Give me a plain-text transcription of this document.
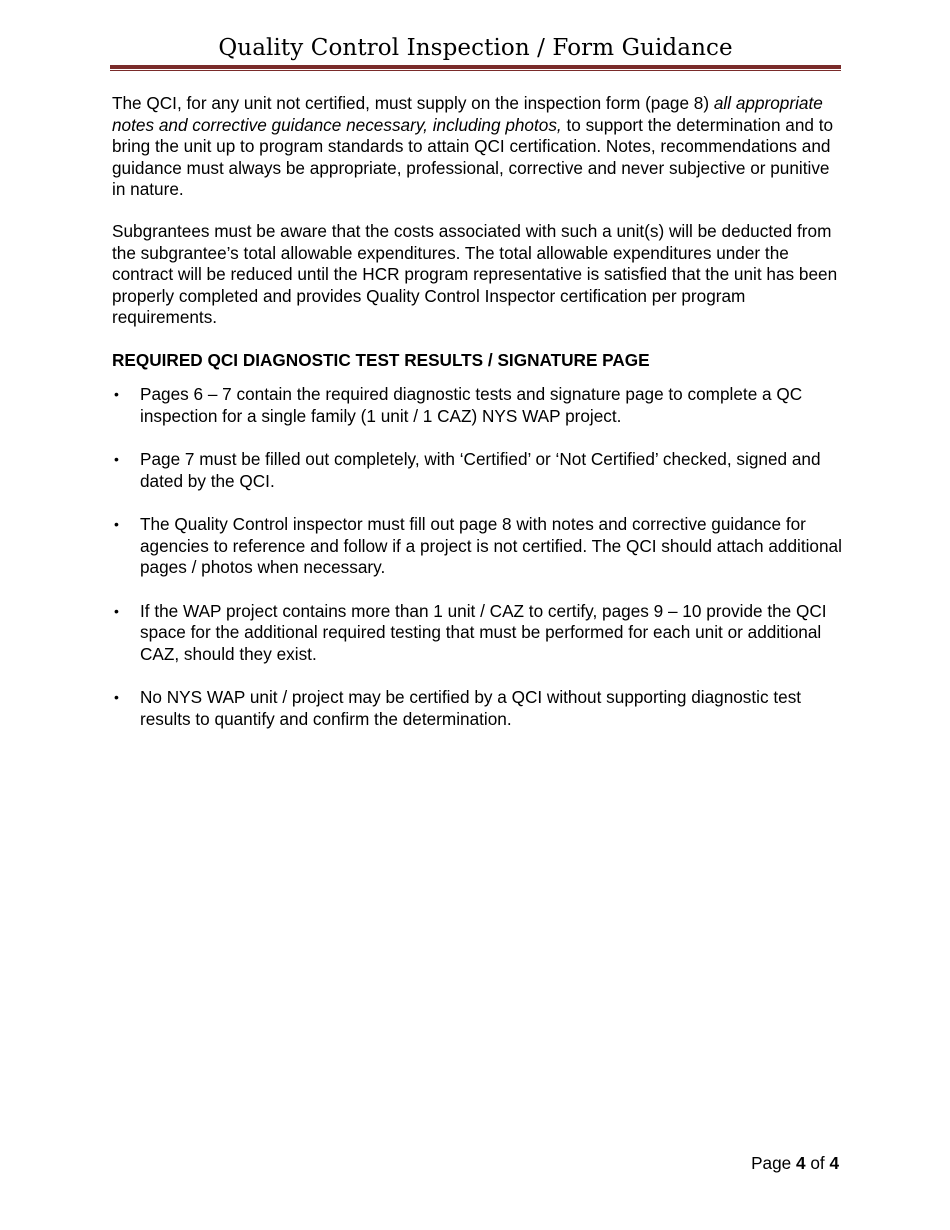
Quality Control Inspection / Form Guidance

The QCI, for any unit not certified, must supply on the inspection form (page 8) all appropriate notes and corrective guidance necessary, including photos, to support the determination and to bring the unit up to program standards to attain QCI certification. Notes, recommendations and guidance must always be appropriate, professional, corrective and never subjective or punitive in nature.

Subgrantees must be aware that the costs associated with such a unit(s) will be deducted from the subgrantee’s total allowable expenditures. The total allowable expenditures under the contract will be reduced until the HCR program representative is satisfied that the unit has been properly completed and provides Quality Control Inspector certification per program requirements.

REQUIRED QCI DIAGNOSTIC TEST RESULTS / SIGNATURE PAGE
• Pages 6 – 7 contain the required diagnostic tests and signature page to complete a QC inspection for a single family (1 unit / 1 CAZ) NYS WAP project.
• Page 7 must be filled out completely, with ‘Certified’ or ‘Not Certified’ checked, signed and dated by the QCI.
• The Quality Control inspector must fill out page 8 with notes and corrective guidance for agencies to reference and follow if a project is not certified. The QCI should attach additional pages / photos when necessary.
• If the WAP project contains more than 1 unit / CAZ to certify, pages 9 – 10 provide the QCI space for the additional required testing that must be performed for each unit or additional CAZ, should they exist.
• No NYS WAP unit / project may be certified by a QCI without supporting diagnostic test results to quantify and confirm the determination.
Page 4 of 4
